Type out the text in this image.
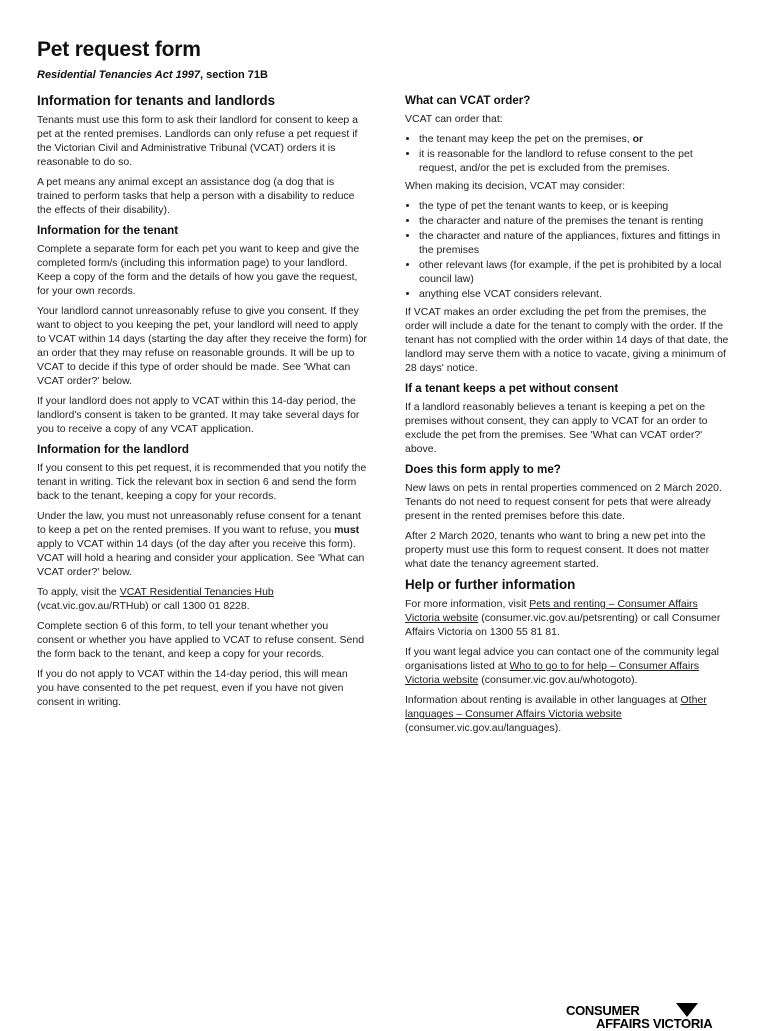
Pet request form
Residential Tenancies Act 1997, section 71B
Information for tenants and landlords

Tenants must use this form to ask their landlord for consent to keep a pet at the rented premises. Landlords can only refuse a pet request if the Victorian Civil and Administrative Tribunal (VCAT) orders it is reasonable to do so.

A pet means any animal except an assistance dog (a dog that is trained to perform tasks that help a person with a disability to reduce the effects of their disability).

Information for the tenant

Complete a separate form for each pet you want to keep and give the completed form/s (including this information page) to your landlord. Keep a copy of the form and the details of how you gave the request, for your own records.

Your landlord cannot unreasonably refuse to give you consent. If they want to object to you keeping the pet, your landlord will need to apply to VCAT within 14 days (starting the day after they receive the form) for an order that they may refuse on reasonable grounds. It will be up to VCAT to decide if this type of order should be made. See 'What can VCAT order?' below.

If your landlord does not apply to VCAT within this 14-day period, the landlord's consent is taken to be granted. It may take several days for you to receive a copy of any VCAT application.

Information for the landlord

If you consent to this pet request, it is recommended that you notify the tenant in writing. Tick the relevant box in section 6 and send the form back to the tenant, keeping a copy for your records.

Under the law, you must not unreasonably refuse consent for a tenant to keep a pet on the rented premises. If you want to refuse, you must apply to VCAT within 14 days (of the day after you receive this form). VCAT will hold a hearing and consider your application. See 'What can VCAT order?' below.

To apply, visit the VCAT Residential Tenancies Hub (vcat.vic.gov.au/RTHub) or call 1300 01 8228.

Complete section 6 of this form, to tell your tenant whether you consent or whether you have applied to VCAT to refuse consent. Send the form back to the tenant, and keep a copy for your records.

If you do not apply to VCAT within the 14-day period, this will mean you have consented to the pet request, even if you have not given consent in writing.

What can VCAT order?

VCAT can order that:

• the tenant may keep the pet on the premises, or
• it is reasonable for the landlord to refuse consent to the pet request, and/or the pet is excluded from the premises.

When making its decision, VCAT may consider:

• the type of pet the tenant wants to keep, or is keeping
• the character and nature of the premises the tenant is renting
• the character and nature of the appliances, fixtures and fittings in the premises
• other relevant laws (for example, if the pet is prohibited by a local council law)
• anything else VCAT considers relevant.

If VCAT makes an order excluding the pet from the premises, the order will include a date for the tenant to comply with the order. If the tenant has not complied with the order within 14 days of that date, the landlord may serve them with a notice to vacate, giving a minimum of 28 days' notice.

If a tenant keeps a pet without consent

If a landlord reasonably believes a tenant is keeping a pet on the premises without consent, they can apply to VCAT for an order to exclude the pet from the premises. See 'What can VCAT order?' above.

Does this form apply to me?

New laws on pets in rental properties commenced on 2 March 2020. Tenants do not need to request consent for pets that were already present in the rented premises before this date.

After 2 March 2020, tenants who want to bring a new pet into the property must use this form to request consent. It does not matter what date the tenancy agreement started.

Help or further information

For more information, visit Pets and renting – Consumer Affairs Victoria website (consumer.vic.gov.au/petsrenting) or call Consumer Affairs Victoria on 1300 55 81 81.

If you want legal advice you can contact one of the community legal organisations listed at Who to go to for help – Consumer Affairs Victoria website (consumer.vic.gov.au/whotogoto).

Information about renting is available in other languages at Other languages – Consumer Affairs Victoria website (consumer.vic.gov.au/languages).

CONSUMER
AFFAIRS VICTORIA
